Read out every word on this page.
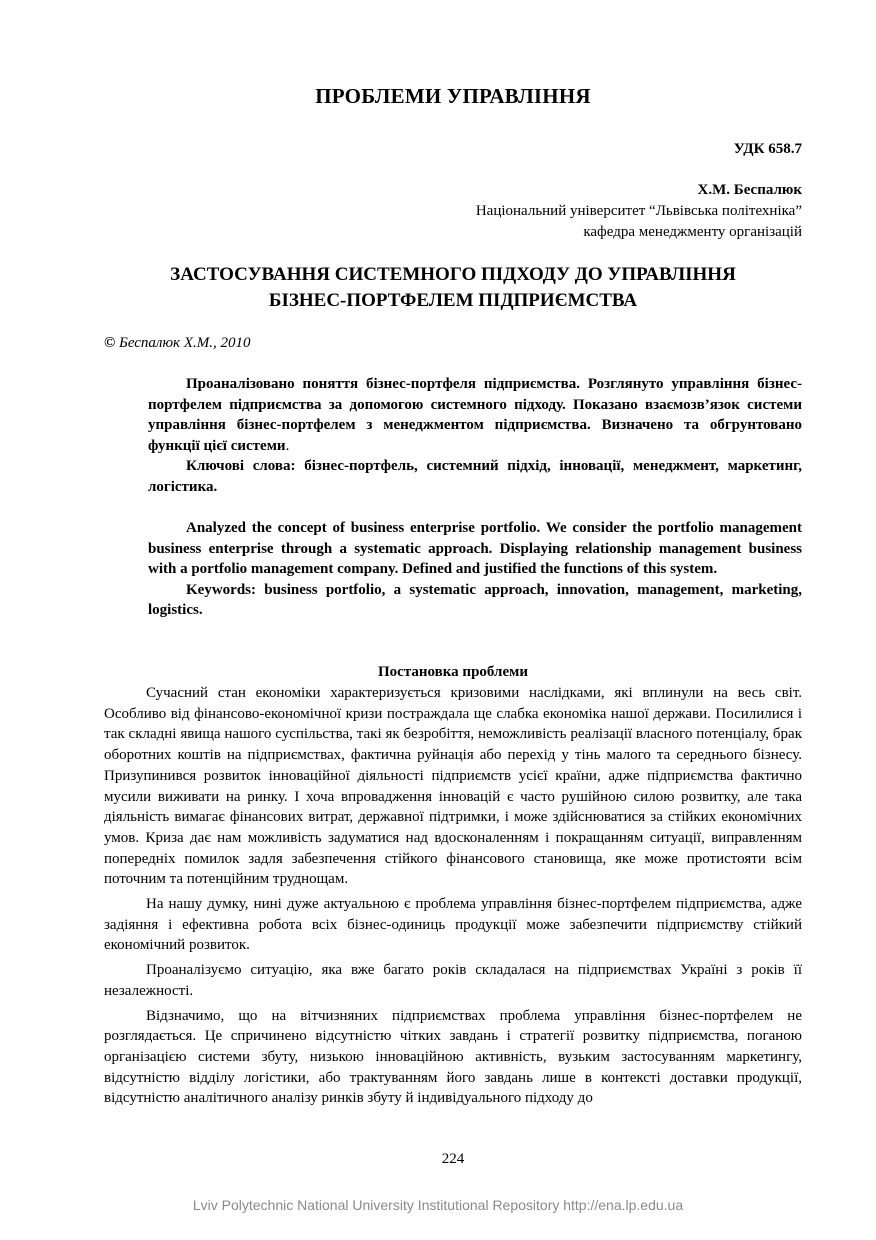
ПРОБЛЕМИ УПРАВЛІННЯ
УДК 658.7
Х.М. Беспалюк
Національний університет “Львівська політехніка”
кафедра менеджменту організацій
ЗАСТОСУВАННЯ СИСТЕМНОГО ПІДХОДУ ДО УПРАВЛІННЯ
БІЗНЕС-ПОРТФЕЛЕМ ПІДПРИЄМСТВА
© Беспалюк Х.М., 2010

Проаналізовано поняття бізнес-портфеля підприємства. Розглянуто управління бізнес-портфелем підприємства за допомогою системного підходу. Показано взаємозв’язок системи управління бізнес-портфелем з менеджментом підприємства. Визначено та обгрунтовано функції цієї системи.

Ключові слова: бізнес-портфель, системний підхід, інновації, менеджмент, маркетинг, логістика.

Analyzed the concept of business enterprise portfolio. We consider the portfolio management business enterprise through a systematic approach. Displaying relationship management business with a portfolio management company. Defined and justified the functions of this system.

Keywords: business portfolio, a systematic approach, innovation, management, marketing, logistics.

Постановка проблеми

Сучасний стан економіки характеризується кризовими наслідками, які вплинули на весь світ. Особливо від фінансово-економічної кризи постраждала ще слабка економіка нашої держави. Посилилися і так складні явища нашого суспільства, такі як безробіття, неможливість реалізації власного потенціалу, брак оборотних коштів на підприємствах, фактична руйнація або перехід у тінь малого та середнього бізнесу. Призупинився розвиток інноваційної діяльності підприємств усієї країни, адже підприємства фактично мусили виживати на ринку. І хоча впровадження інновацій є часто рушійною силою розвитку, але така діяльність вимагає фінансових витрат, державної підтримки, і може здійснюватися за стійких економічних умов. Криза дає нам можливість задуматися над вдосконаленням і покращанням ситуації, виправленням попередніх помилок задля забезпечення стійкого фінансового становища, яке може протистояти всім поточним та потенційним труднощам.

На нашу думку, нині дуже актуальною є проблема управління бізнес-портфелем підприємства, адже задіяння і ефективна робота всіх бізнес-одиниць продукції може забезпечити підприємству стійкий економічний розвиток.

Проаналізуємо ситуацію, яка вже багато років складалася на підприємствах Україні з років її незалежності.

Відзначимо, що на вітчизняних підприємствах проблема управління бізнес-портфелем не розглядається. Це спричинено відсутністю чітких завдань і стратегії розвитку підприємства, поганою організацією системи збуту, низькою інноваційною активність, вузьким застосуванням маркетингу, відсутністю відділу логістики, або трактуванням його завдань лише в контексті доставки продукції, відсутністю аналітичного аналізу ринків збуту й індивідуального підходу до

224
Lviv Polytechnic National University Institutional Repository http://ena.lp.edu.ua
